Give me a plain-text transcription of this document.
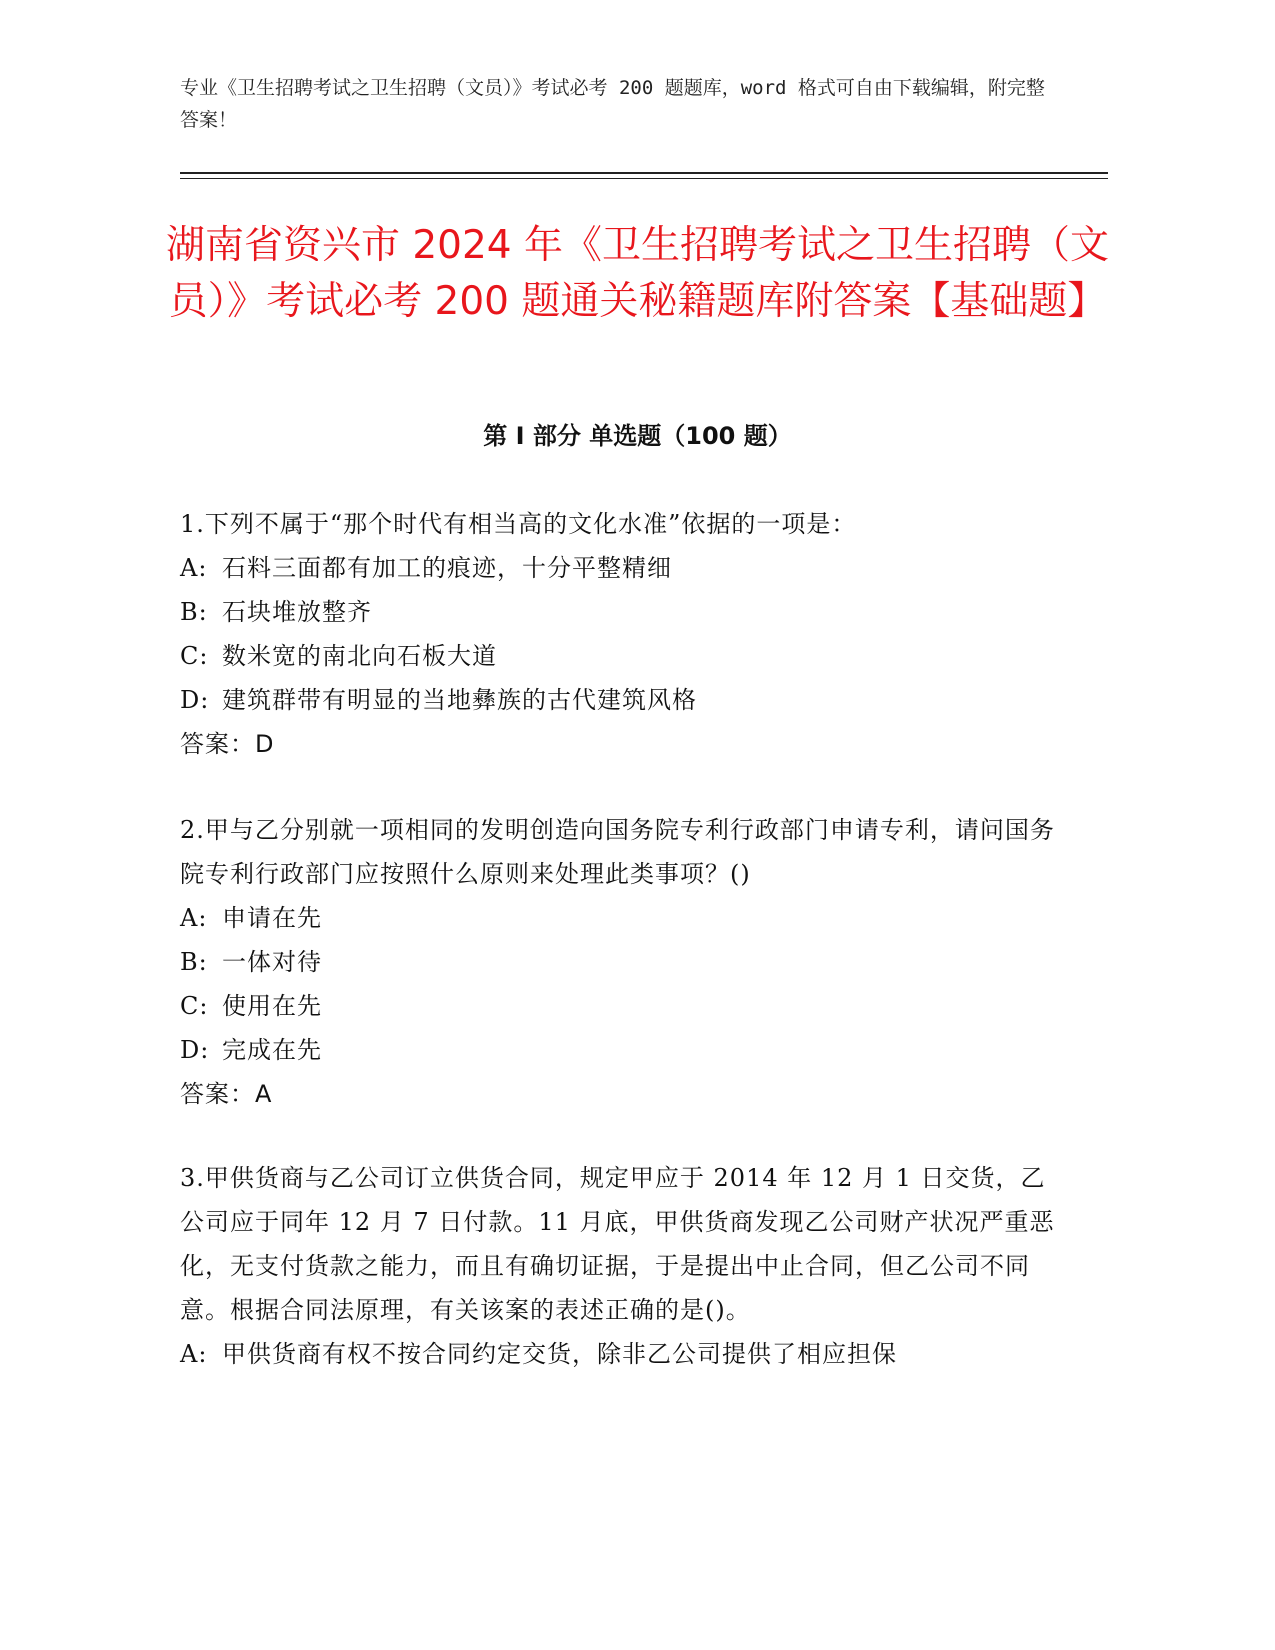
专业《卫生招聘考试之卫生招聘（文员）》考试必考 200 题题库，word 格式可自由下载编辑，附完整答案！
湖南省资兴市 2024 年《卫生招聘考试之卫生招聘（文员）》考试必考 200 题通关秘籍题库附答案【基础题】
第 I 部分 单选题（100 题）

1.下列不属于“那个时代有相当高的文化水准”依据的一项是：

A: 石料三面都有加工的痕迹，十分平整精细

B: 石块堆放整齐

C: 数米宽的南北向石板大道

D: 建筑群带有明显的当地彝族的古代建筑风格

答案：D

2.甲与乙分别就一项相同的发明创造向国务院专利行政部门申请专利，请问国务院专利行政部门应按照什么原则来处理此类事项？()

A: 申请在先

B: 一体对待

C: 使用在先

D: 完成在先

答案：A

3.甲供货商与乙公司订立供货合同，规定甲应于 2014 年 12 月 1 日交货，乙公司应于同年 12 月 7 日付款。11 月底，甲供货商发现乙公司财产状况严重恶化，无支付货款之能力，而且有确切证据，于是提出中止合同，但乙公司不同意。根据合同法原理，有关该案的表述正确的是()。

A: 甲供货商有权不按合同约定交货，除非乙公司提供了相应担保
